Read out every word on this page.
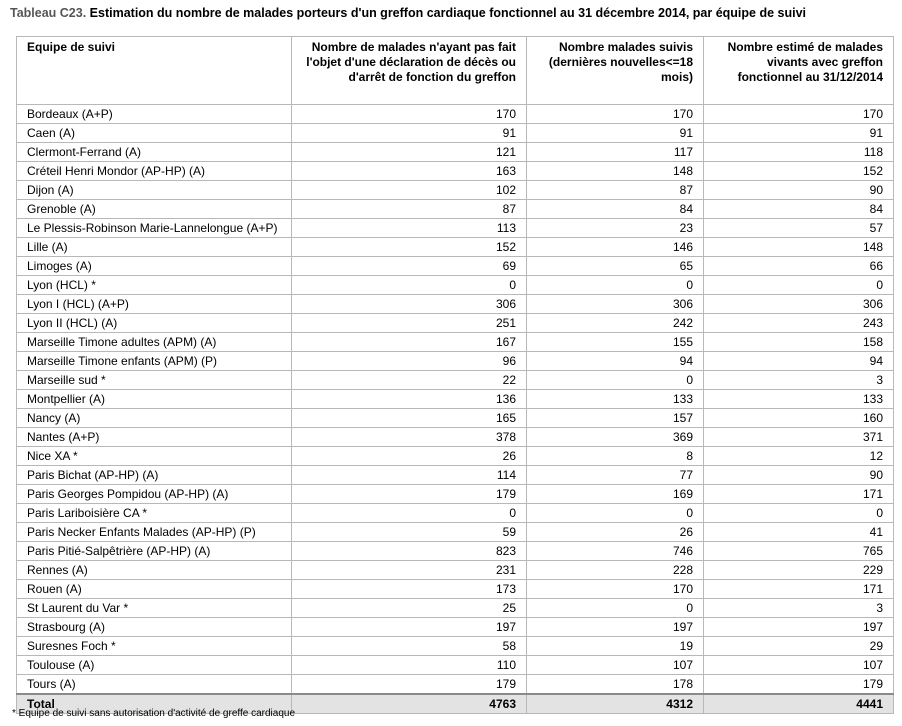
Tableau C23. Estimation du nombre de malades porteurs d'un greffon cardiaque fonctionnel au 31 décembre 2014, par équipe de suivi
Equipe de suivi	Nombre de malades n'ayant pas fait l'objet d'une déclaration de décès ou d'arrêt de fonction du greffon	Nombre malades suivis (dernières nouvelles<=18 mois)	Nombre estimé de malades vivants avec greffon fonctionnel au 31/12/2014
Bordeaux (A+P)	170	170	170
Caen (A)	91	91	91
Clermont-Ferrand (A)	121	117	118
Créteil Henri Mondor (AP-HP) (A)	163	148	152
Dijon (A)	102	87	90
Grenoble (A)	87	84	84
Le Plessis-Robinson Marie-Lannelongue (A+P)	113	23	57
Lille (A)	152	146	148
Limoges (A)	69	65	66
Lyon (HCL) *	0	0	0
Lyon I (HCL) (A+P)	306	306	306
Lyon II (HCL) (A)	251	242	243
Marseille Timone adultes (APM) (A)	167	155	158
Marseille Timone enfants (APM) (P)	96	94	94
Marseille sud *	22	0	3
Montpellier (A)	136	133	133
Nancy (A)	165	157	160
Nantes (A+P)	378	369	371
Nice XA *	26	8	12
Paris Bichat (AP-HP) (A)	114	77	90
Paris Georges Pompidou (AP-HP) (A)	179	169	171
Paris Lariboisière CA *	0	0	0
Paris Necker Enfants Malades (AP-HP) (P)	59	26	41
Paris Pitié-Salpêtrière (AP-HP) (A)	823	746	765
Rennes (A)	231	228	229
Rouen (A)	173	170	171
St Laurent du Var *	25	0	3
Strasbourg (A)	197	197	197
Suresnes Foch *	58	19	29
Toulouse (A)	110	107	107
Tours (A)	179	178	179
Total	4763	4312	4441
* Equipe de suivi sans autorisation d'activité de greffe cardiaque
